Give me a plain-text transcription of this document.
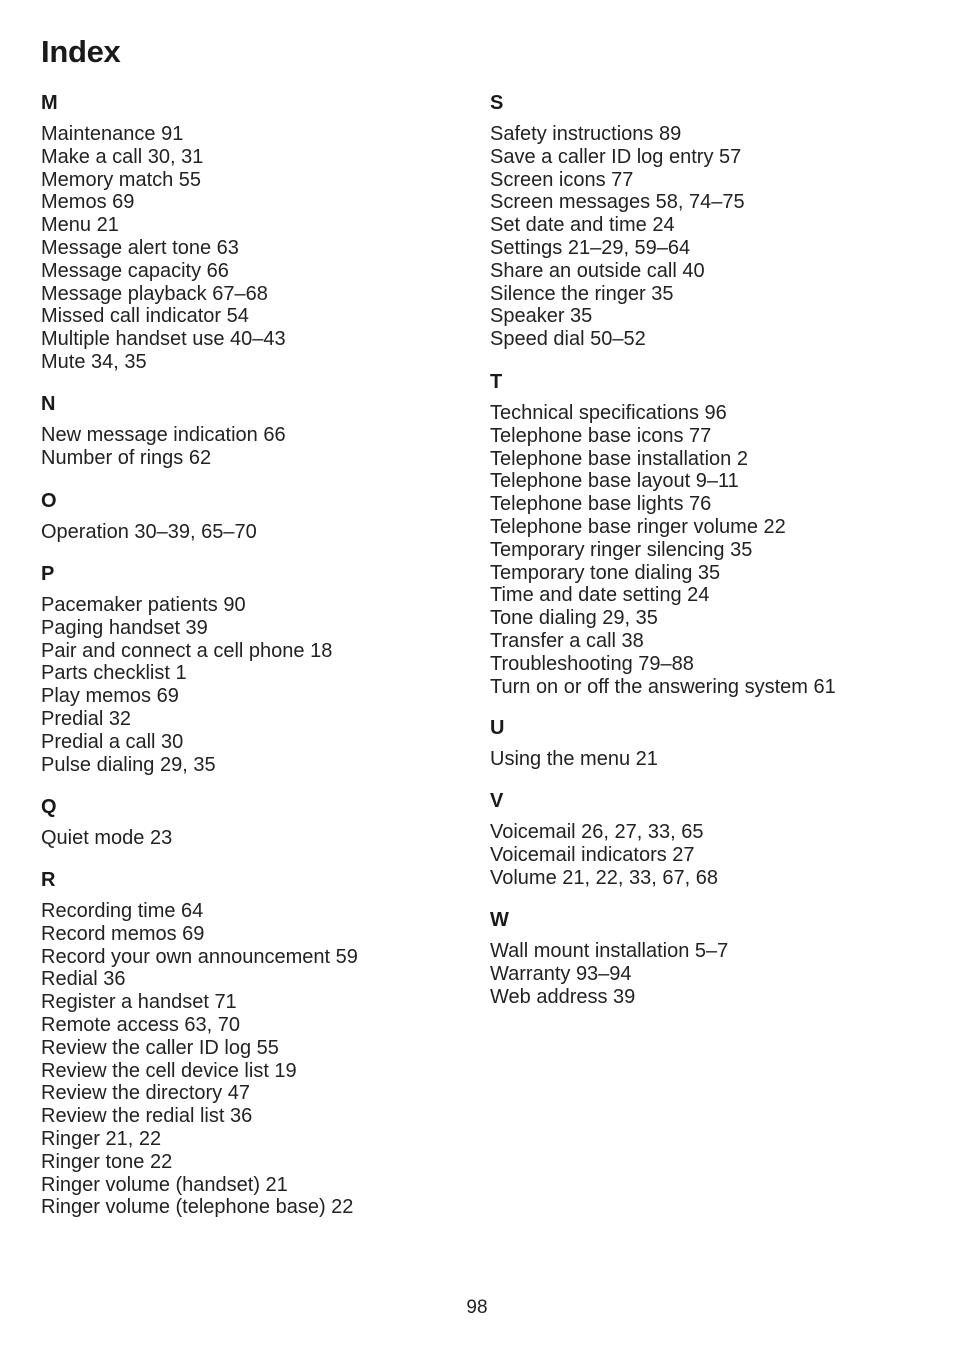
Index
M
Maintenance 91
Make a call 30, 31
Memory match 55
Memos 69
Menu 21
Message alert tone 63
Message capacity 66
Message playback 67–68
Missed call indicator 54
Multiple handset use 40–43
Mute 34, 35
N
New message indication 66
Number of rings 62
O
Operation 30–39, 65–70
P
Pacemaker patients 90
Paging handset 39
Pair and connect a cell phone 18
Parts checklist 1
Play memos 69
Predial 32
Predial a call 30
Pulse dialing 29, 35
Q
Quiet mode 23
R
Recording time 64
Record memos 69
Record your own announcement 59
Redial 36
Register a handset 71
Remote access 63, 70
Review the caller ID log 55
Review the cell device list 19
Review the directory 47
Review the redial list 36
Ringer 21, 22
Ringer tone 22
Ringer volume (handset) 21
Ringer volume (telephone base) 22
S
Safety instructions 89
Save a caller ID log entry 57
Screen icons 77
Screen messages 58, 74–75
Set date and time 24
Settings 21–29, 59–64
Share an outside call 40
Silence the ringer 35
Speaker 35
Speed dial 50–52
T
Technical specifications 96
Telephone base icons 77
Telephone base installation 2
Telephone base layout 9–11
Telephone base lights 76
Telephone base ringer volume 22
Temporary ringer silencing 35
Temporary tone dialing 35
Time and date setting 24
Tone dialing 29, 35
Transfer a call 38
Troubleshooting 79–88
Turn on or off the answering system 61
U
Using the menu 21
V
Voicemail 26, 27, 33, 65
Voicemail indicators 27
Volume 21, 22, 33, 67, 68
W
Wall mount installation 5–7
Warranty 93–94
Web address 39
98
